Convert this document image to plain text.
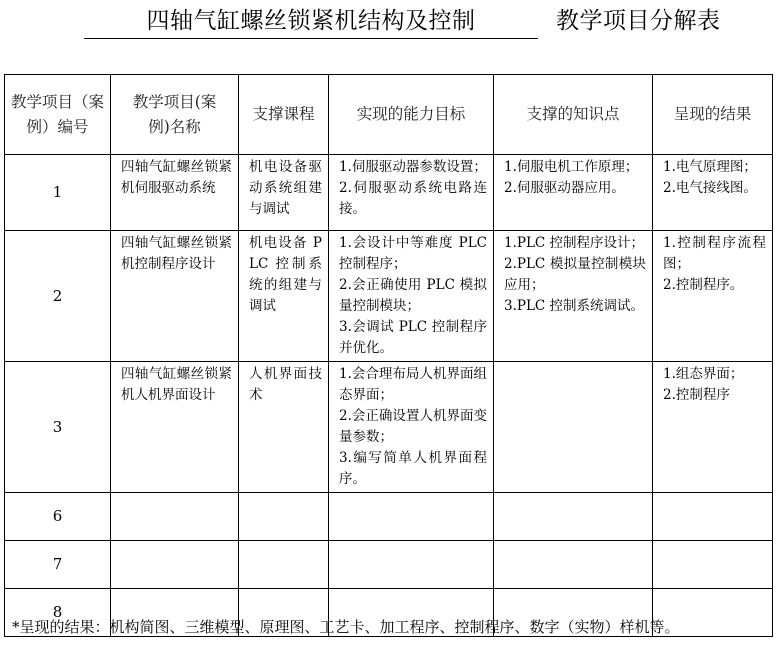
四轴气缸螺丝锁紧机结构及控制	教学项目分解表
教学项目（案例）编号	教学项目(案例)名称	支撑课程	实现的能力目标	支撑的知识点	呈现的结果

1	四轴气缸螺丝锁紧机伺服驱动系统	机电设备驱动系统组建与调试	1.伺服驱动器参数设置；
2.伺服驱动系统电路连接。	1.伺服电机工作原理；
2.伺服驱动器应用。	1.电气原理图；
2.电气接线图。

2	四轴气缸螺丝锁紧机控制程序设计	机电设备 PLC 控制系统的组建与调试	1.会设计中等难度 PLC 控制程序；
2.会正确使用 PLC 模拟量控制模块；
3.会调试 PLC 控制程序并优化。	1.PLC 控制程序设计；
2.PLC 模拟量控制模块应用；
3.PLC 控制系统调试。	1.控制程序流程图；
2.控制程序。

3	四轴气缸螺丝锁紧机人机界面设计	人机界面技术	1.会合理布局人机界面组态界面；
2.会正确设置人机界面变量参数；
3.编写简单人机界面程序。		1.组态界面；
2.控制程序

6			

7			

8			

*呈现的结果：机构简图、三维模型、原理图、工艺卡、加工程序、控制程序、数字（实物）样机等。
